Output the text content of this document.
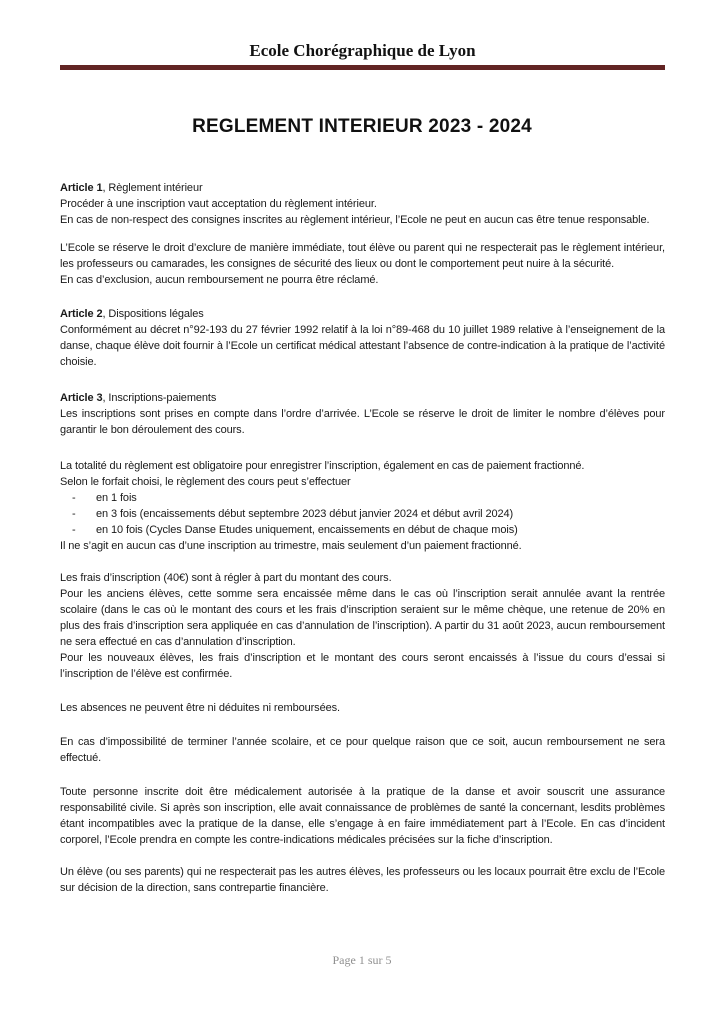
Ecole Chorégraphique de Lyon
REGLEMENT INTERIEUR 2023 - 2024

Article 1, Règlement intérieur

Procéder à une inscription vaut acceptation du règlement intérieur.

En cas de non-respect des consignes inscrites au règlement intérieur, l’Ecole ne peut en aucun cas être tenue responsable.

L’Ecole se réserve le droit d’exclure de manière immédiate, tout élève ou parent qui ne respecterait pas le règlement intérieur, les professeurs ou camarades, les consignes de sécurité des lieux ou dont le comportement peut nuire à la sécurité.

En cas d’exclusion, aucun remboursement ne pourra être réclamé.

Article 2, Dispositions légales

Conformément au décret n°92-193 du 27 février 1992 relatif à la loi n°89-468 du 10 juillet 1989 relative à l’enseignement de la danse, chaque élève doit fournir à l’Ecole un certificat médical attestant l’absence de contre-indication à la pratique de l’activité choisie.

Article 3, Inscriptions-paiements

Les inscriptions sont prises en compte dans l’ordre d’arrivée. L’Ecole se réserve le droit de limiter le nombre d’élèves pour garantir le bon déroulement des cours.

La totalité du règlement est obligatoire pour enregistrer l’inscription, également en cas de paiement fractionné.

Selon le forfait choisi, le règlement des cours peut s’effectuer

-	en 1 fois
-	en 3 fois (encaissements début septembre 2023 début janvier 2024 et début avril 2024)
-	en 10 fois (Cycles Danse Etudes uniquement, encaissements en début de chaque mois)

Il ne s’agit en aucun cas d’une inscription au trimestre, mais seulement d’un paiement fractionné.

Les frais d’inscription (40€) sont à régler à part du montant des cours.

Pour les anciens élèves, cette somme sera encaissée même dans le cas où l’inscription serait annulée avant la rentrée scolaire (dans le cas où le montant des cours et les frais d’inscription seraient sur le même chèque, une retenue de 20% en plus des frais d’inscription sera appliquée en cas d’annulation de l’inscription). A partir du 31 août 2023, aucun remboursement ne sera effectué en cas d’annulation d’inscription.

Pour les nouveaux élèves, les frais d’inscription et le montant des cours seront encaissés à l’issue du cours d’essai si l’inscription de l’élève est confirmée.

Les absences ne peuvent être ni déduites ni remboursées.

En cas d’impossibilité de terminer l’année scolaire, et ce pour quelque raison que ce soit, aucun remboursement ne sera effectué.

Toute personne inscrite doit être médicalement autorisée à la pratique de la danse et avoir souscrit une assurance responsabilité civile. Si après son inscription, elle avait connaissance de problèmes de santé la concernant, lesdits problèmes étant incompatibles avec la pratique de la danse, elle s’engage à en faire immédiatement part à l’Ecole. En cas d’incident corporel, l’Ecole prendra en compte les contre-indications médicales précisées sur la fiche d’inscription.

Un élève (ou ses parents) qui ne respecterait pas les autres élèves, les professeurs ou les locaux pourrait être exclu de l’Ecole sur décision de la direction, sans contrepartie financière.

Page 1 sur 5
